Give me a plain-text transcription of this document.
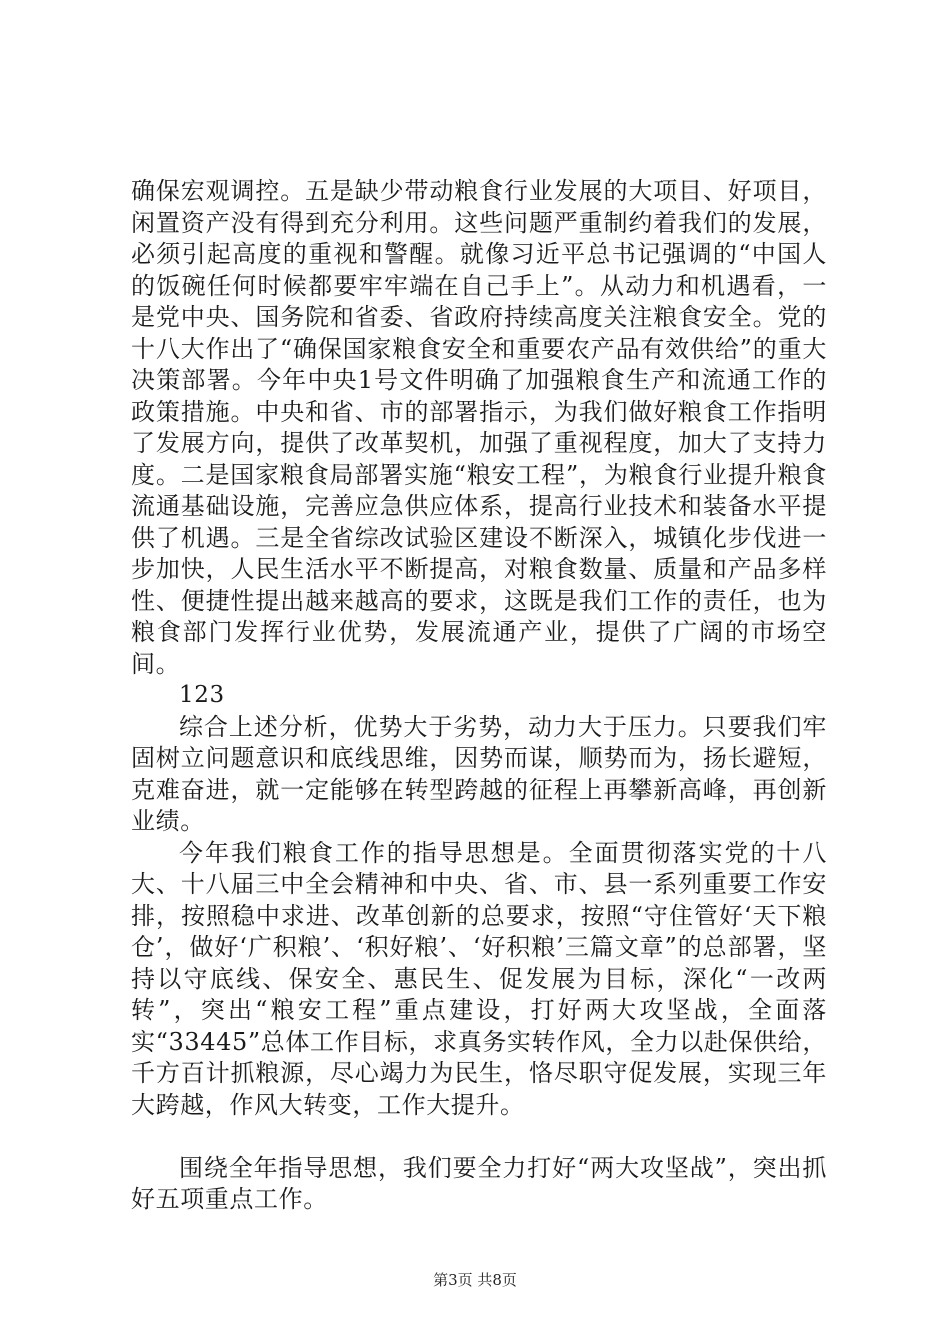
确保宏观调控。五是缺少带动粮食行业发展的大项目、好项目，闲置资产没有得到充分利用。这些问题严重制约着我们的发展，必须引起高度的重视和警醒。就像习近平总书记强调的“中国人的饭碗任何时候都要牢牢端在自己手上”。从动力和机遇看，一是党中央、国务院和省委、省政府持续高度关注粮食安全。党的十八大作出了“确保国家粮食安全和重要农产品有效供给”的重大决策部署。今年中央1号文件明确了加强粮食生产和流通工作的政策措施。中央和省、市的部署指示，为我们做好粮食工作指明了发展方向，提供了改革契机，加强了重视程度，加大了支持力度。二是国家粮食局部署实施“粮安工程”，为粮食行业提升粮食流通基础设施，完善应急供应体系，提高行业技术和装备水平提供了机遇。三是全省综改试验区建设不断深入，城镇化步伐进一步加快，人民生活水平不断提高，对粮食数量、质量和产品多样性、便捷性提出越来越高的要求，这既是我们工作的责任，也为粮食部门发挥行业优势，发展流通产业，提供了广阔的市场空间。

123

综合上述分析，优势大于劣势，动力大于压力。只要我们牢固树立问题意识和底线思维，因势而谋，顺势而为，扬长避短，克难奋进，就一定能够在转型跨越的征程上再攀新高峰，再创新业绩。

今年我们粮食工作的指导思想是。全面贯彻落实党的十八大、十八届三中全会精神和中央、省、市、县一系列重要工作安排，按照稳中求进、改革创新的总要求，按照“守住管好‘天下粮仓’，做好‘广积粮’、‘积好粮’、‘好积粮’三篇文章”的总部署，坚持以守底线、保安全、惠民生、促发展为目标，深化“一改两转”，突出“粮安工程”重点建设，打好两大攻坚战，全面落实“33445”总体工作目标，求真务实转作风，全力以赴保供给，千方百计抓粮源，尽心竭力为民生，恪尽职守促发展，实现三年大跨越，作风大转变，工作大提升。

围绕全年指导思想，我们要全力打好“两大攻坚战”，突出抓好五项重点工作。

第3页 共8页
